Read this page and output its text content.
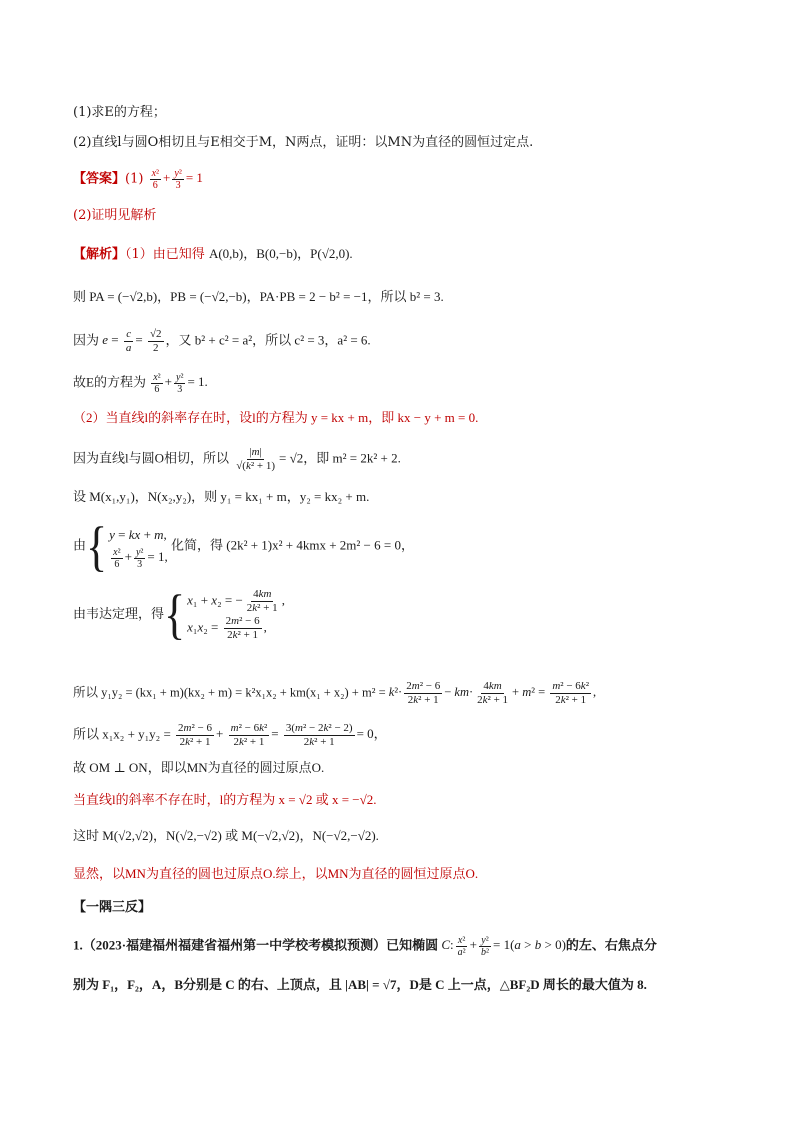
(1)求E的方程；
(2)直线l与圆O相切且与E相交于M，N两点，证明：以MN为直径的圆恒过定点.
【答案】$(1) \frac{\text{x²}}{6} + \frac{\text{y²}}{3} = 1$
(2)证明见解析
【解析】（1）由已知得 A(0,b)，B(0,−b)，P(√2,0).
则 PA = (−√2,b)，PB = (−√2,−b)，PA·PB = 2 − b² = −1，所以 b² = 3.
因为 $e = \frac{c}{a} = \frac{√2}{2}$ ，又 b² + c² = a²，所以 c² = 3，a² = 6.
故E的方程为 $\frac{\text{x²}}{6} + \frac{\text{y²}}{3} = 1$.
（2）当直线l的斜率存在时，设l的方程为 y = kx + m，即 kx − y + m = 0.
因为直线l与圆O相切，所以 $\frac{|m|}{\text{√(k² + 1)}} = √2$，即 m² = 2k² + 2.
设 M(x₁,y₁)，N(x₂,y₂)，则 y₁ = kx₁ + m，y₂ = kx₂ + m.
由{ y = kx + m,
$\frac{\text{x²}}{6} + \frac{\text{y²}}{3} = 1$,
化简，得 (2k² + 1)x² + 4kmx + 2m² − 6 = 0，
由韦达定理，得{ x₁ + x₂ = − $\frac{4km}{\text{2k² + 1}}$ ,
$x_1x_2 = \frac{\text{2m² − 6}}{\text{2k² + 1}}$ ,
所以 $y_1y_2 = (kx_1 + m)(kx_2 + m) = k^2x_1x_2 + km(x_1 + x_2) + m^2 = k^2\cdot \frac{\text{2m² − 6}}{\text{2k² + 1}} - km\cdot \frac{4km}{\text{2k² + 1}} + m^2 = \frac{\text{m² − 6k²}}{\text{2k² + 1}}$ ,
所以 $x_1x_2 + y_1y_2 = \frac{\text{2m² − 6}}{\text{2k² + 1}} + \frac{\text{m² − 6k²}}{\text{2k² + 1}} = \frac{\text{3(m² − 2k² − 2)}}{\text{2k² + 1}} = 0$，
故 OM ⊥ ON，即以MN为直径的圆过原点O.
当直线l的斜率不存在时，l的方程为 x = √2 或 x = −√2.
这时 M(√2,√2)，N(√2,−√2) 或 M(−√2,√2)，N(−√2,−√2).
显然，以MN为直径的圆也过原点O.综上，以MN为直径的圆恒过原点O.
【一隅三反】
1.（2023·福建福州福建省福州第一中学校考模拟预测）已知椭圆 C: $\frac{\text{x²}}{\text{a²}} + \frac{\text{y²}}{\text{b²}} = 1(a > b > 0)$的左、右焦点分
别为 F₁，F₂，A，B分别是 C 的右、上顶点，且 |AB| = √7，D是 C 上一点，△BF₂D 周长的最大值为 8.
